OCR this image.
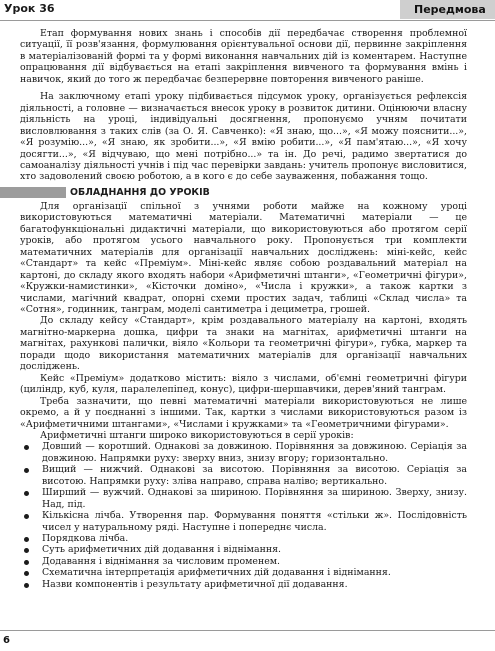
Урок 36	Передмова

Етап формування нових знань і способів дії передбачає створення проблемної ситуації, її розв'язання, формулювання орієнтувальної основи дії, первинне закріплення в матеріалізованій формі та у формі виконання навчальних дій із коментарем. Наступне опрацювання дії відбувається на етапі закріплення вивченого та формування вмінь і навичок, який до того ж передбачає безперервне повторення вивченого раніше.

На заключному етапі уроку підбивається підсумок уроку, організується рефлексія діяльності, а головне — визначається внесок уроку в розвиток дитини. Оцінюючи власну діяльність на уроці, індивідуальні досягнення, пропонуємо учням почитати висловлювання з таких слів (за О. Я. Савченко): «Я знаю, що...», «Я можу пояснити...», «Я розумію...», «Я знаю, як зробити...», «Я вмію робити...», «Я пам'ятаю...», «Я хочу досягти...», «Я відчуваю, що мені потрібно...» та ін. До речі, радимо звертатися до самоаналізу діяльності учнів і під час перевірки завдань: учитель пропонує висловитися, хто задоволений своєю роботою, а в кого є до себе зауваження, побажання тощо.

ОБЛАДНАННЯ ДО УРОКІВ

Для організації спільної з учнями роботи майже на кожному уроці використовуються математичні матеріали. Математичні матеріали — це багатофункціональні дидактичні матеріали, що використовуються або протягом серії уроків, або протягом усього навчального року. Пропонується три комплекти математичних матеріалів для організації навчальних досліджень: міні-кейс, кейс «Стандарт» та кейс «Преміум». Міні-кейс являє собою роздавальний матеріал на картоні, до складу якого входять набори «Арифметичні штанги», «Геометричні фігури», «Кружки-намистинки», «Кісточки доміно», «Числа і кружки», а також картки з числами, магічний квадрат, опорні схеми простих задач, таблиці «Склад числа» та «Сотня», годинник, танграм, моделі сантиметра і дециметра, грошей.

До складу кейсу «Стандарт», крім роздавального матеріалу на картоні, входять магнітно-маркерна дошка, цифри та знаки на магнітах, арифметичні штанги на магнітах, рахункові палички, віяло «Кольори та геометричні фігури», губка, маркер та поради щодо використання математичних матеріалів для організації навчальних досліджень.

Кейс «Преміум» додатково містить: віяло з числами, об'ємні геометричні фігури (циліндр, куб, куля, паралелепіпед, конус), цифри-шершавчики, дерев'яний танграм.

Треба зазначити, що певні математичні матеріали використовуються не лише окремо, а й у поєднанні з іншими. Так, картки з числами використовуються разом із «Арифметичними штангами», «Числами і кружками» та «Геометричними фігурами».

Арифметичні штанги широко використовуються в серії уроків:

Довший — коротший. Однакові за довжиною. Порівняння за довжиною. Серіація за довжиною. Напрямки руху: зверху вниз, знизу вгору; горизонтально.
Вищий — нижчий. Однакові за висотою. Порівняння за висотою. Серіація за висотою. Напрямки руху: зліва направо, справа наліво; вертикально.
Ширший — вужчий. Однакові за шириною. Порівняння за шириною. Зверху, знизу. Над, під.
Кількісна лічба. Утворення пар. Формування поняття «стільки ж». Послідовність чисел у натуральному ряді. Наступне і попереднє числа.
Порядкова лічба.
Суть арифметичних дій додавання і віднімання.
Додавання і віднімання за числовим променем.
Схематична інтерпретація арифметичних дій додавання і віднімання.
Назви компонентів і результату арифметичної дії додавання.
6
